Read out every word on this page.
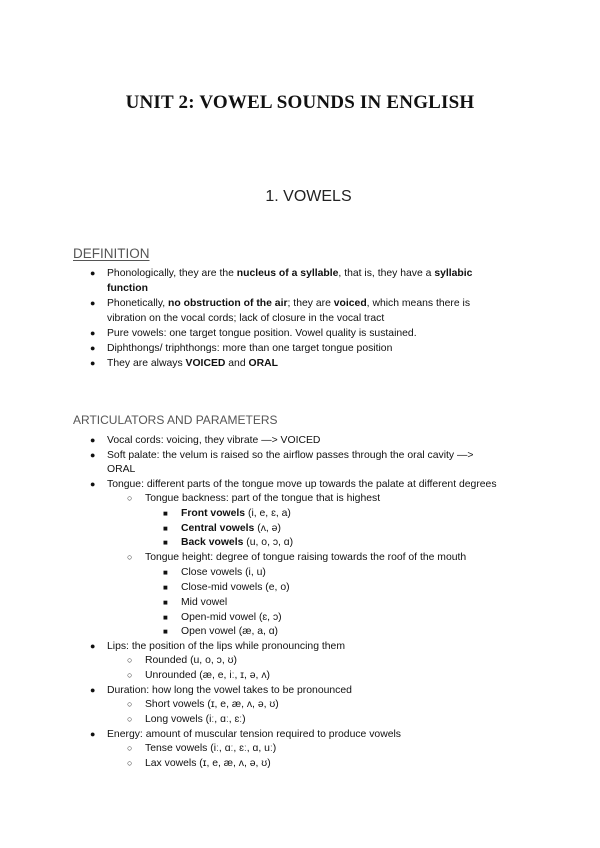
UNIT 2: VOWEL SOUNDS IN ENGLISH
1. VOWELS
DEFINITION
● Phonologically, they are the nucleus of a syllable, that is, they have a syllabic
function
● Phonetically, no obstruction of the air; they are voiced, which means there is
vibration on the vocal cords; lack of closure in the vocal tract
● Pure vowels: one target tongue position. Vowel quality is sustained.
● Diphthongs/ triphthongs: more than one target tongue position
● They are always VOICED and ORAL
ARTICULATORS AND PARAMETERS
● Vocal cords: voicing, they vibrate —> VOICED
● Soft palate: the velum is raised so the airflow passes through the oral cavity —>
ORAL
● Tongue: different parts of the tongue move up towards the palate at different degrees
○ Tongue backness: part of the tongue that is highest
■ Front vowels (i, e, ɛ, a)
■ Central vowels (ʌ, ə)
■ Back vowels (u, o, ɔ, ɑ)
○ Tongue height: degree of tongue raising towards the roof of the mouth
■ Close vowels (i, u)
■ Close-mid vowels (e, o)
■ Mid vowel
■ Open-mid vowel (ɛ, ɔ)
■ Open vowel (æ, a, ɑ)
● Lips: the position of the lips while pronouncing them
○ Rounded (u, o, ɔ, ʊ)
○ Unrounded (æ, e, iː, ɪ, ə, ʌ)
● Duration: how long the vowel takes to be pronounced
○ Short vowels (ɪ, e, æ, ʌ, ə, ʊ)
○ Long vowels (iː, ɑː, ɛː)
● Energy: amount of muscular tension required to produce vowels
○ Tense vowels (iː, ɑː, ɛː, ɑ, uː)
○ Lax vowels (ɪ, e, æ, ʌ, ə, ʊ)
